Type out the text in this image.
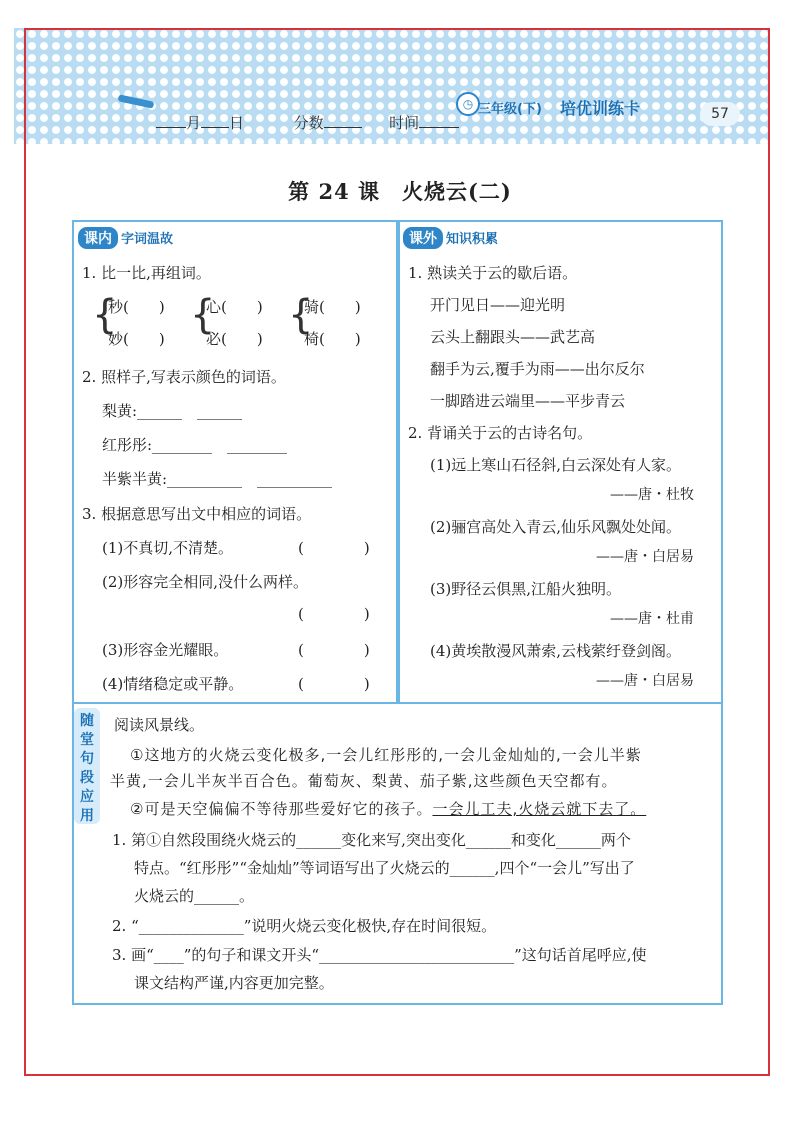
月 日	分数	时间
◷ 三年级(下) 培优训练卡	57
第 24 课　火烧云(二)
课内 字词温故
1. 比一比,再组词。
{
秒(　　)
妙(　　)
{
心(　　)
必(　　)
{
骑(　　)
椅(　　)
2. 照样子,写表示颜色的词语。
梨黄:______　______
红彤彤:________　________
半紫半黄:__________　__________
3. 根据意思写出文中相应的词语。
(1)不真切,不清楚。	(　　　　)
(2)形容完全相同,没什么两样。
(　　　　)
(3)形容金光耀眼。	(　　　　)
(4)情绪稳定或平静。	(　　　　)
课外 知识积累
1. 熟读关于云的歇后语。
开门见日——迎光明
云头上翻跟头——武艺高
翻手为云,覆手为雨——出尔反尔
一脚踏进云端里——平步青云
2. 背诵关于云的古诗名句。
(1)远上寒山石径斜,白云深处有人家。
——唐・杜牧
(2)骊宫高处入青云,仙乐风飘处处闻。
——唐・白居易
(3)野径云俱黑,江船火独明。
——唐・杜甫
(4)黄埃散漫风萧索,云栈萦纡登剑阁。
——唐・白居易
随堂句段应用
阅读风景线。
①这地方的火烧云变化极多,一会儿红彤彤的,一会儿金灿灿的,一会儿半紫
半黄,一会儿半灰半百合色。葡萄灰、梨黄、茄子紫,这些颜色天空都有。
②可是天空偏偏不等待那些爱好它的孩子。一会儿工夫,火烧云就下去了。
1. 第①自然段围绕火烧云的______变化来写,突出变化______和变化______两个
特点。“红彤彤”“金灿灿”等词语写出了火烧云的______,四个“一会儿”写出了
火烧云的______。
2. “______________”说明火烧云变化极快,存在时间很短。
3. 画“____”的句子和课文开头“__________________________”这句话首尾呼应,使
课文结构严谨,内容更加完整。
